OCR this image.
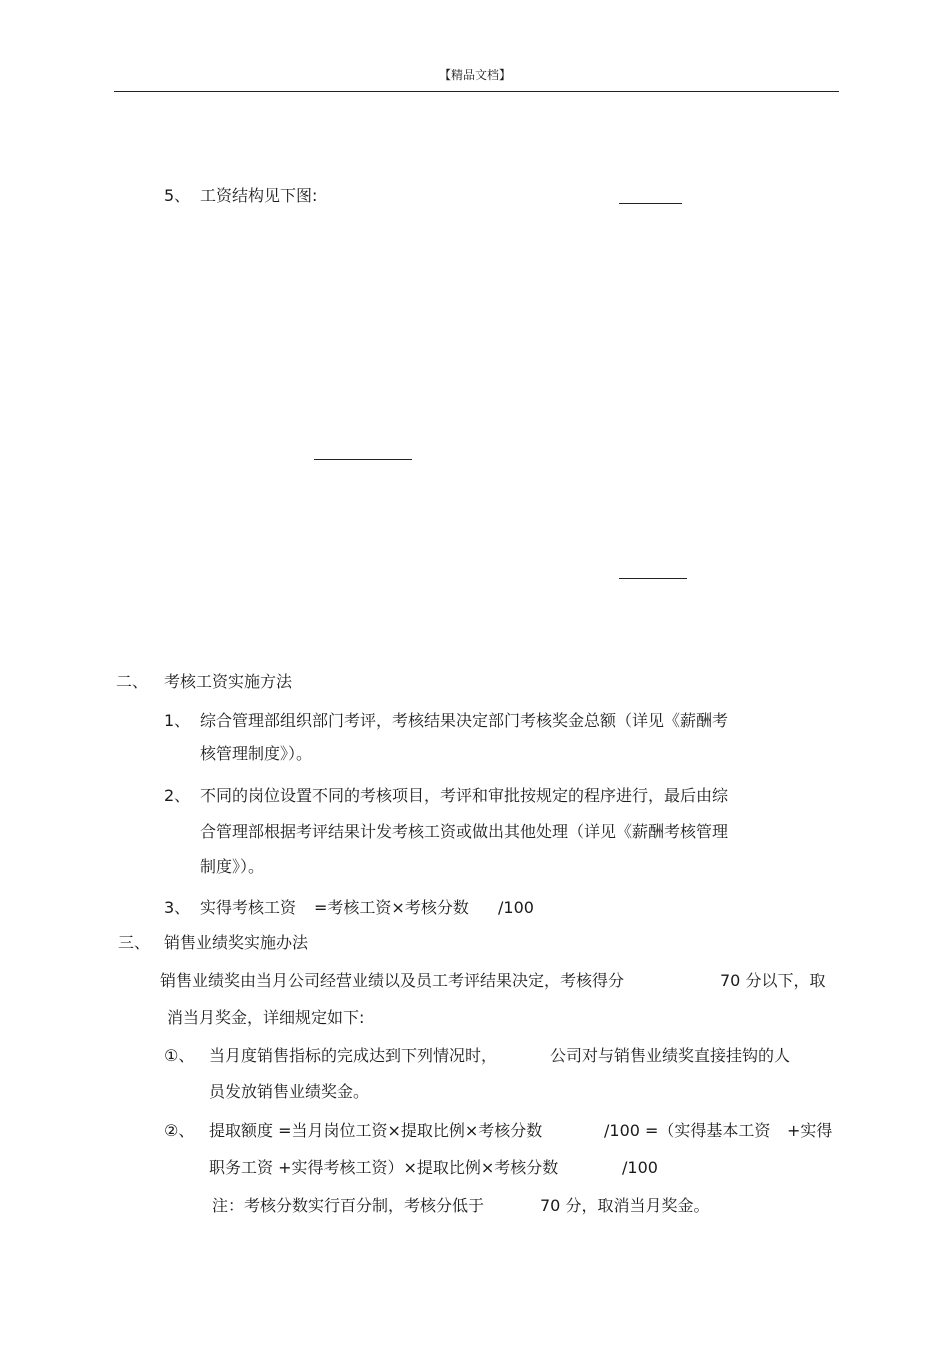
【精品文档】
5、 工资结构见下图:
二、 考核工资实施方法
1、 综合管理部组织部门考评，考核结果决定部门考核奖金总额（详见《薪酬考
核管理制度》）。
2、 不同的岗位设置不同的考核项目，考评和审批按规定的程序进行，最后由综
合管理部根据考评结果计发考核工资或做出其他处理（详见《薪酬考核管理
制度》）。
3、 实得考核工资 =考核工资×考核分数 /100
三、 销售业绩奖实施办法
销售业绩奖由当月公司经营业绩以及员工考评结果决定，考核得分	70 分以下，取
消当月奖金，详细规定如下:
①、 当月度销售指标的完成达到下列情况时，	公司对与销售业绩奖直接挂钩的人
员发放销售业绩奖金。
②、 提取额度 =当月岗位工资×提取比例×考核分数	/100 =（实得基本工资 +实得
职务工资 +实得考核工资）×提取比例×考核分数	/100
注：考核分数实行百分制，考核分低于	70 分，取消当月奖金。
